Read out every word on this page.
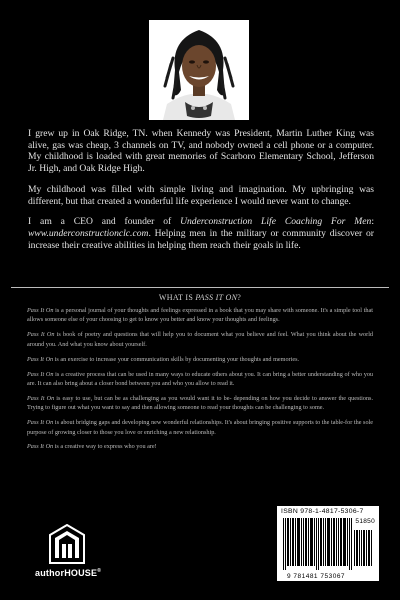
I grew up in Oak Ridge, TN. when Kennedy was President, Martin Luther King was alive, gas was cheap, 3 channels on TV, and nobody owned a cell phone or a computer. My childhood is loaded with great memories of Scarboro Elementary School, Jefferson Jr. High, and Oak Ridge High.

My childhood was filled with simple living and imagination. My upbringing was different, but that created a wonderful life experience I would never want to change.

I am a CEO and founder of Underconstruction Life Coaching For Men: www.underconstructionclc.com. Helping men in the military or community discover or increase their creative abilities in helping them reach their goals in life.

WHAT IS PASS IT ON?

Pass It On is a personal journal of your thoughts and feelings expressed in a book that you may share with someone. It's a simple tool that allows someone else of your choosing to get to know you better and know your thoughts and feelings.

Pass It On is book of poetry and questions that will help you to document what you believe and feel. What you think about the world around you. And what you know about yourself.

Pass It On is an exercise to increase your communication skills by documenting your thoughts and memories.

Pass It On is a creative process that can be used in many ways to educate others about you. It can bring a better understanding of who you are. It can also bring about a closer bond between you and who you allow to read it.

Pass It On is easy to use, but can be as challenging as you would want it to be- depending on how you decide to answer the questions. Trying to figure out what you want to say and then allowing someone to read your thoughts can be challenging to some.

Pass It On is about bridging gaps and developing new wonderful relationships. It's about bringing positive supports to the table-for the sole purpose of growing closer to those you love or enriching a new relationship.

Pass It On is a creative way to express who you are!

authorHOUSE®
ISBN 978-1-4817-5306-7
51850
9 781481 753067
